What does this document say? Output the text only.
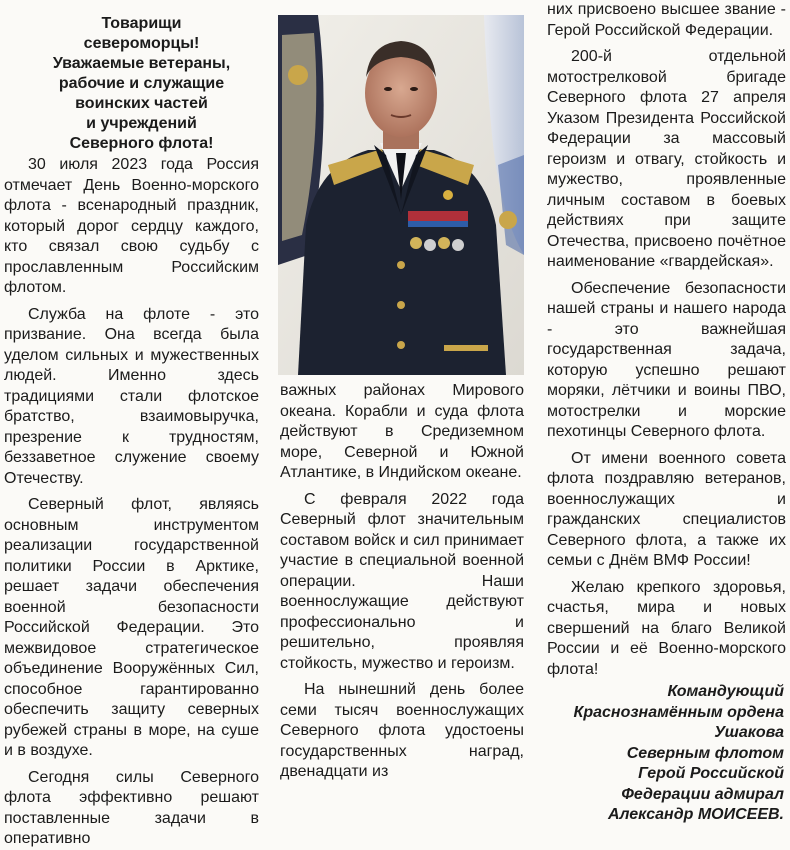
Товарищи
североморцы!
Уважаемые ветераны,
рабочие и служащие
воинских частей
и учреждений
Северного флота!

30 июля 2023 года Россия отмечает День Военно-морского флота - всенародный праздник, который дорог сердцу каждого, кто связал свою судьбу с прославленным Российским флотом.

Служба на флоте - это призвание. Она всегда была уделом сильных и мужественных людей. Именно здесь традициями стали флотское братство, взаимовыручка, презрение к трудностям, беззаветное служение своему Отечеству.

Северный флот, являясь основным инструментом реализации государственной политики России в Арктике, решает задачи обеспечения военной безопасности Российской Федерации. Это межвидовое стратегическое объединение Вооружённых Сил, способное гарантированно обеспечить защиту северных рубежей страны в море, на суше и в воздухе.

Сегодня силы Северного флота эффективно решают поставленные задачи в оперативно

важных районах Мирового океана. Корабли и суда флота действуют в Средиземном море, Северной и Южной Атлантике, в Индийском океане.

С февраля 2022 года Северный флот значительным составом войск и сил принимает участие в специальной военной операции. Наши военнослужащие действуют профессионально и решительно, проявляя стойкость, мужество и героизм.

На нынешний день более семи тысяч военнослужащих Северного флота удостоены государственных наград, двенадцати из

них присвоено высшее звание - Герой Российской Федерации.

200-й отдельной мотострелковой бригаде Северного флота 27 апреля Указом Президента Российской Федерации за массовый героизм и отвагу, стойкость и мужество, проявленные личным составом в боевых действиях при защите Отечества, присвоено почётное наименование «гвардейская».

Обеспечение безопасности нашей страны и нашего народа - это важнейшая государственная задача, которую успешно решают моряки, лётчики и воины ПВО, мотострелки и морские пехотинцы Северного флота.

От имени военного совета флота поздравляю ветеранов, военнослужащих и гражданских специалистов Северного флота, а также их семьи с Днём ВМФ России!

Желаю крепкого здоровья, счастья, мира и новых свершений на благо Великой России и её Военно-морского флота!

Командующий
Краснознамённым ордена
Ушакова
Северным флотом
Герой Российской
Федерации адмирал
Александр МОИСЕЕВ.
